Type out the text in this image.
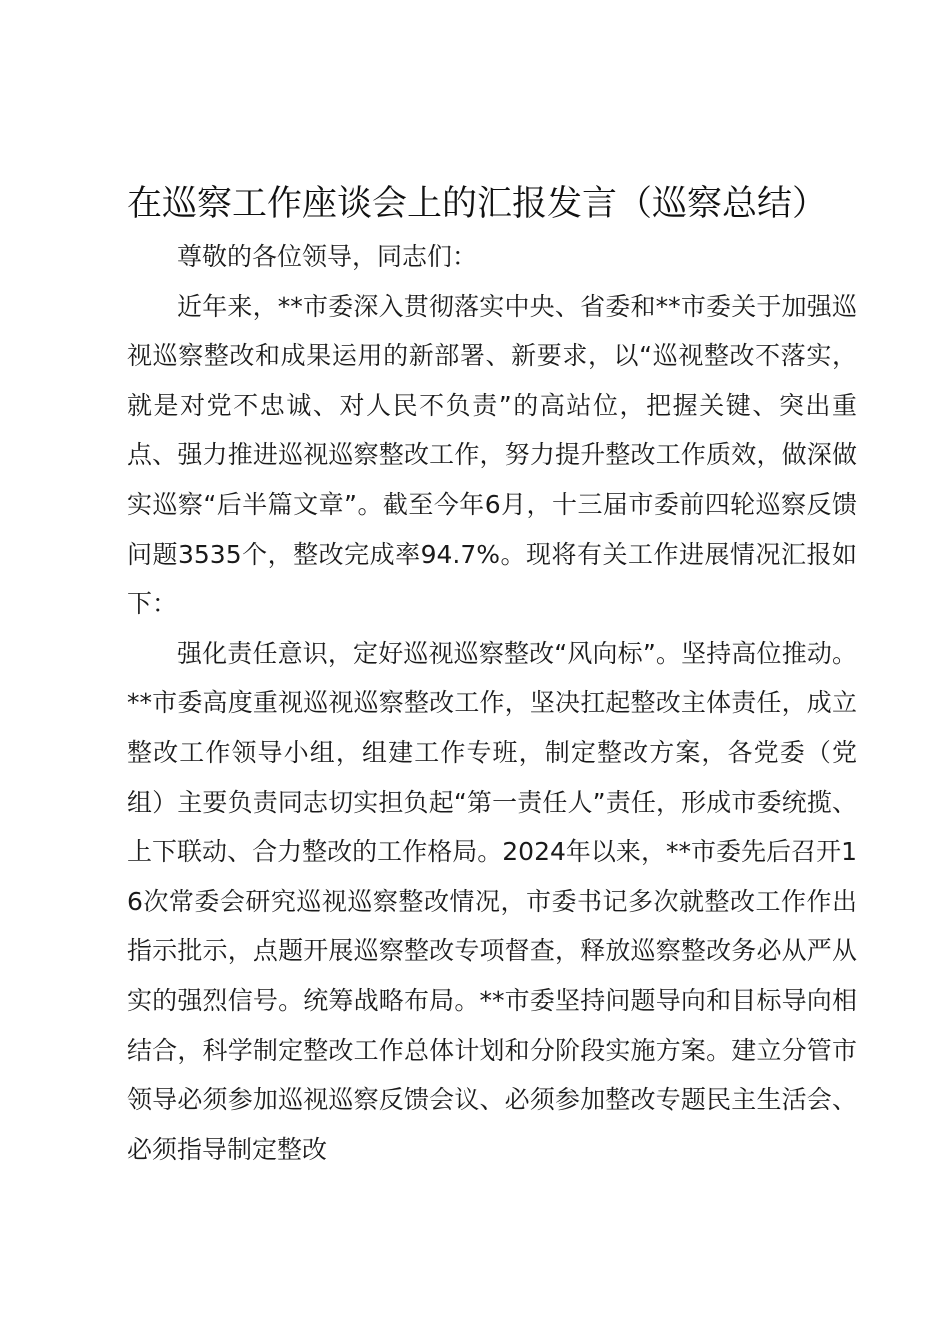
在巡察工作座谈会上的汇报发言（巡察总结）

尊敬的各位领导，同志们：

近年来，**市委深入贯彻落实中央、省委和**市委关于加强巡视巡察整改和成果运用的新部署、新要求，以“巡视整改不落实，就是对党不忠诚、对人民不负责”的高站位，把握关键、突出重点、强力推进巡视巡察整改工作，努力提升整改工作质效，做深做实巡察“后半篇文章”。截至今年6月，十三届市委前四轮巡察反馈问题3535个，整改完成率94.7%。现将有关工作进展情况汇报如下：

强化责任意识，定好巡视巡察整改“风向标”。坚持高位推动。**市委高度重视巡视巡察整改工作，坚决扛起整改主体责任，成立整改工作领导小组，组建工作专班，制定整改方案，各党委（党组）主要负责同志切实担负起“第一责任人”责任，形成市委统揽、上下联动、合力整改的工作格局。2024年以来，**市委先后召开16次常委会研究巡视巡察整改情况，市委书记多次就整改工作作出指示批示，点题开展巡察整改专项督查，释放巡察整改务必从严从实的强烈信号。统筹战略布局。**市委坚持问题导向和目标导向相结合，科学制定整改工作总体计划和分阶段实施方案。建立分管市领导必须参加巡视巡察反馈会议、必须参加整改专题民主生活会、必须指导制定整改
